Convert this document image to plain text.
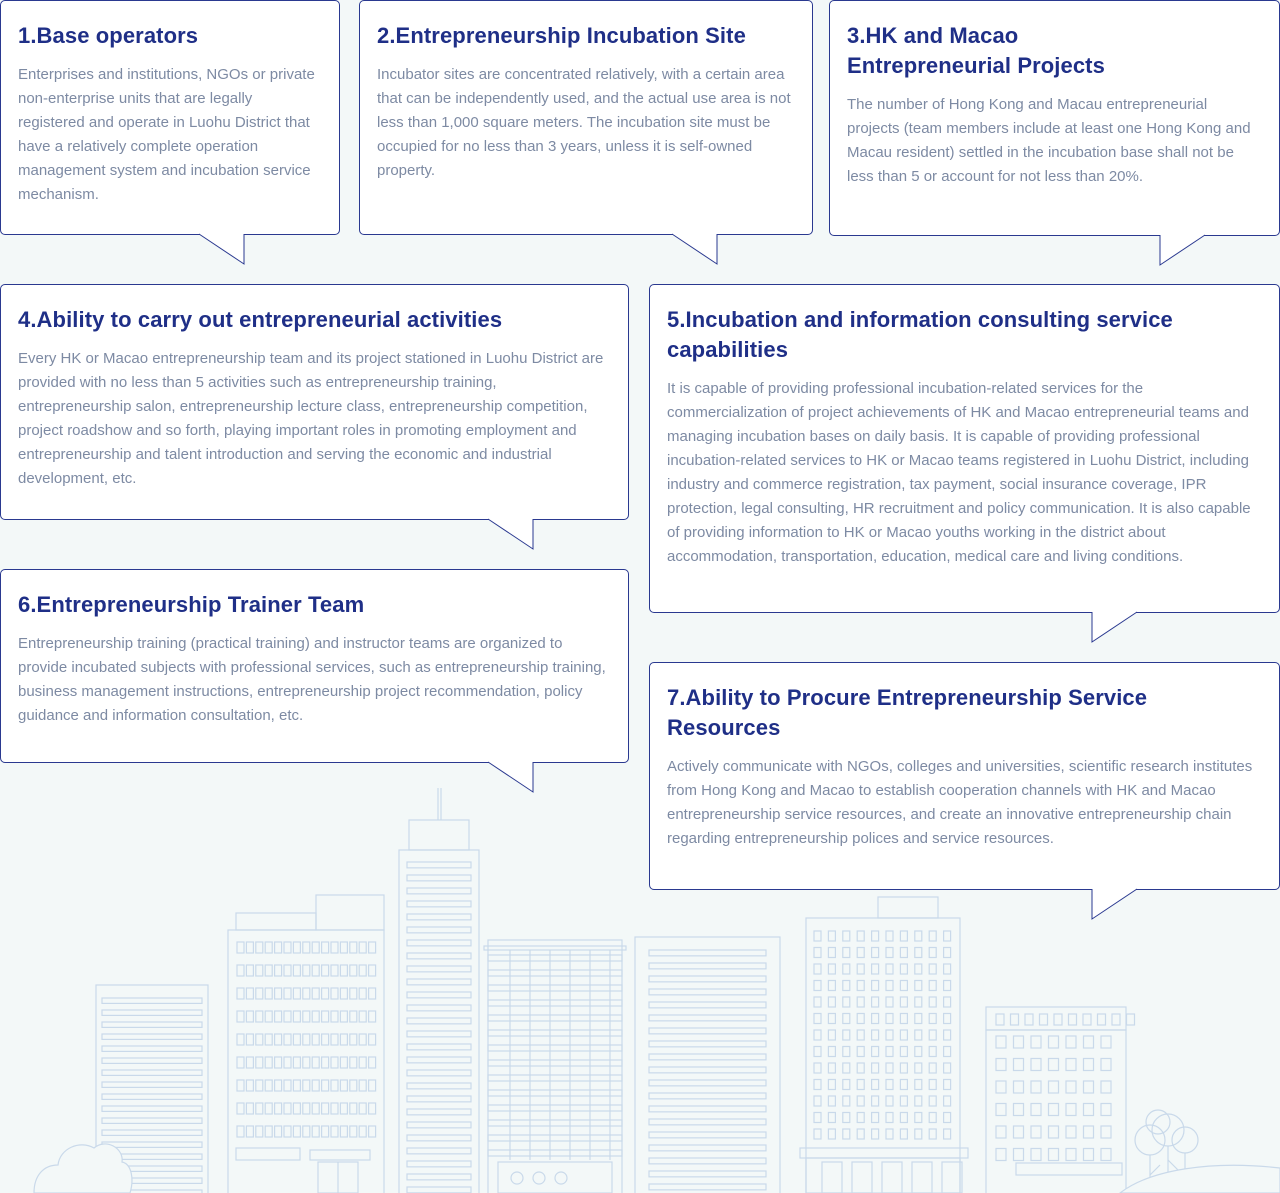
1.Base operators

Enterprises and institutions, NGOs or private non-enterprise units that are legally registered and operate in Luohu District that have a relatively complete operation management system and incubation service mechanism.

2.Entrepreneurship Incubation Site

Incubator sites are concentrated relatively, with a certain area that can be independently used, and the actual use area is not less than 1,000 square meters. The incubation site must be occupied for no less than 3 years, unless it is self-owned property.

3.HK and Macao Entrepreneurial Projects

The number of Hong Kong and Macau entrepreneurial projects (team members include at least one Hong Kong and Macau resident) settled in the incubation base shall not be less than 5 or account for not less than 20%.

4.Ability to carry out entrepreneurial activities

Every HK or Macao entrepreneurship team and its project stationed in Luohu District are provided with no less than 5 activities such as entrepreneurship training, entrepreneurship salon, entrepreneurship lecture class, entrepreneurship competition, project roadshow and so forth, playing important roles in promoting employment and entrepreneurship and talent introduction and serving the economic and industrial development, etc.

5.Incubation and information consulting service capabilities

It is capable of providing professional incubation-related services for the commercialization of project achievements of HK and Macao entrepreneurial teams and managing incubation bases on daily basis. It is capable of providing professional incubation-related services to HK or Macao teams registered in Luohu District, including industry and commerce registration, tax payment, social insurance coverage, IPR protection, legal consulting, HR recruitment and policy communication. It is also capable of providing information to HK or Macao youths working in the district about accommodation, transportation, education, medical care and living conditions.

6.Entrepreneurship Trainer Team

Entrepreneurship training (practical training) and instructor teams are organized to provide incubated subjects with professional services, such as entrepreneurship training, business management instructions, entrepreneurship project recommendation, policy guidance and information consultation, etc.

7.Ability to Procure Entrepreneurship Service Resources

Actively communicate with NGOs, colleges and universities, scientific research institutes from Hong Kong and Macao to establish cooperation channels with HK and Macao entrepreneurship service resources, and create an innovative entrepreneurship chain regarding entrepreneurship polices and service resources.
